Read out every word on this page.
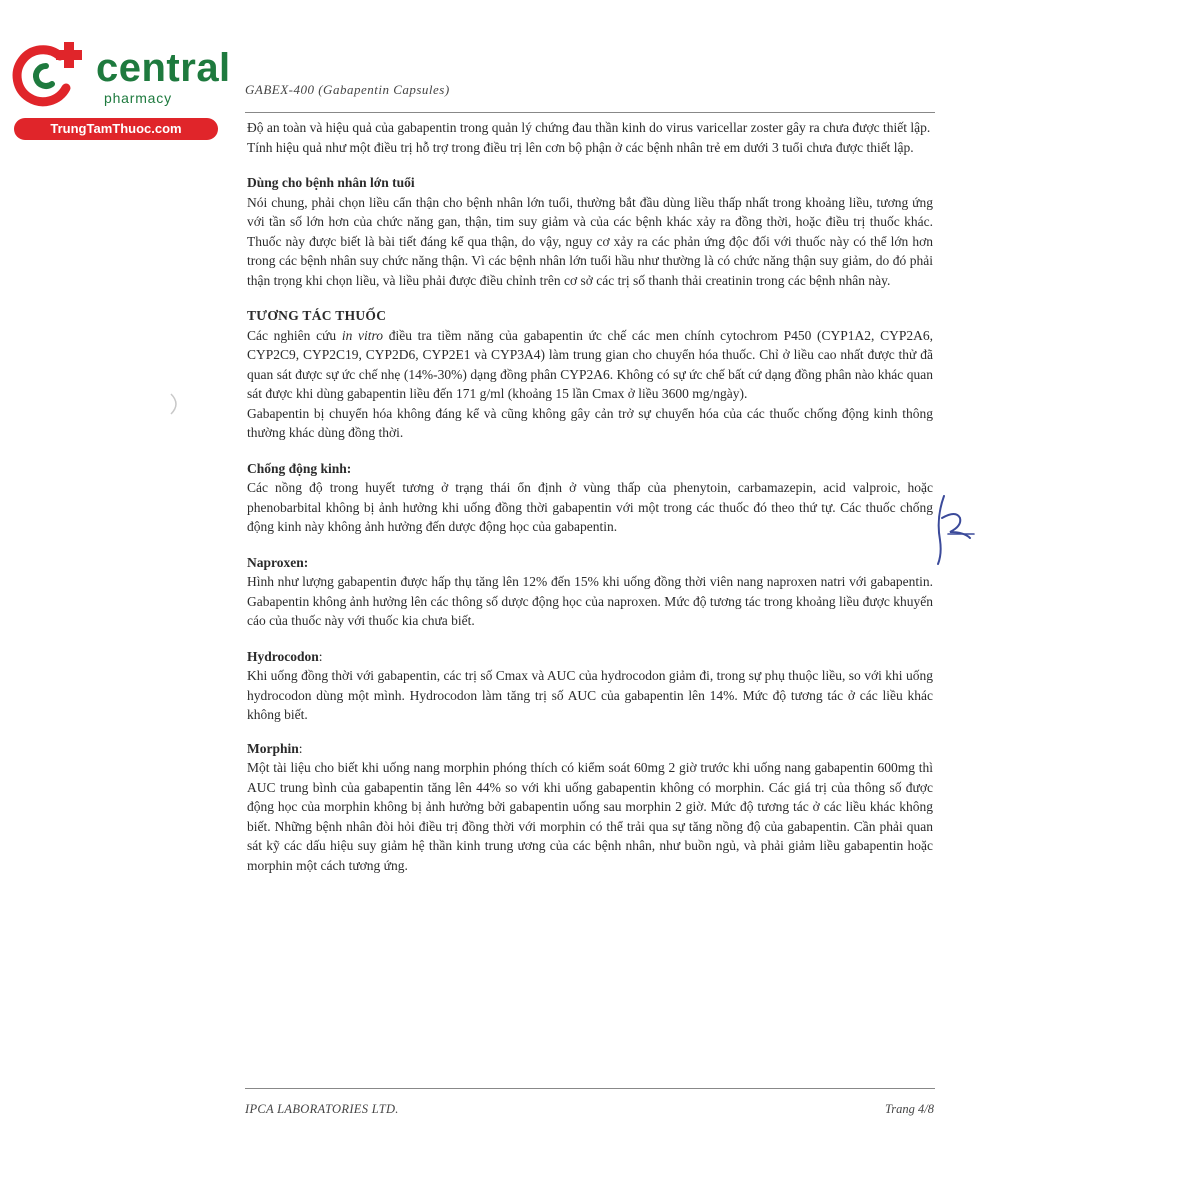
central
pharmacy
TrungTamThuoc.com
GABEX-400 (Gabapentin Capsules)

Độ an toàn và hiệu quả của gabapentin trong quản lý chứng đau thần kinh do virus varicellar zoster gây ra chưa được thiết lập.

Tính hiệu quả như một điều trị hỗ trợ trong điều trị lên cơn bộ phận ở các bệnh nhân trẻ em dưới 3 tuổi chưa được thiết lập.

Dùng cho bệnh nhân lớn tuổi

Nói chung, phải chọn liều cẩn thận cho bệnh nhân lớn tuổi, thường bắt đầu dùng liều thấp nhất trong khoảng liều, tương ứng với tần số lớn hơn của chức năng gan, thận, tim suy giảm và của các bệnh khác xảy ra đồng thời, hoặc điều trị thuốc khác. Thuốc này được biết là bài tiết đáng kể qua thận, do vậy, nguy cơ xảy ra các phản ứng độc đối với thuốc này có thể lớn hơn trong các bệnh nhân suy chức năng thận. Vì các bệnh nhân lớn tuổi hầu như thường là có chức năng thận suy giảm, do đó phải thận trọng khi chọn liều, và liều phải được điều chỉnh trên cơ sở các trị số thanh thải creatinin trong các bệnh nhân này.

TƯƠNG TÁC THUỐC

Các nghiên cứu in vitro điều tra tiềm năng của gabapentin ức chế các men chính cytochrom P450 (CYP1A2, CYP2A6, CYP2C9, CYP2C19, CYP2D6, CYP2E1 và CYP3A4) làm trung gian cho chuyển hóa thuốc. Chỉ ở liều cao nhất được thử đã quan sát được sự ức chế nhẹ (14%-30%) dạng đồng phân CYP2A6. Không có sự ức chế bất cứ dạng đồng phân nào khác quan sát được khi dùng gabapentin liều đến 171 g/ml (khoảng 15 lần Cmax ở liều 3600 mg/ngày).

Gabapentin bị chuyển hóa không đáng kể và cũng không gây cản trở sự chuyển hóa của các thuốc chống động kinh thông thường khác dùng đồng thời.

Chống động kinh:

Các nồng độ trong huyết tương ở trạng thái ổn định ở vùng thấp của phenytoin, carbamazepin, acid valproic, hoặc phenobarbital không bị ảnh hưởng khi uống đồng thời gabapentin với một trong các thuốc đó theo thứ tự. Các thuốc chống động kinh này không ảnh hưởng đến dược động học của gabapentin.

Naproxen:

Hình như lượng gabapentin được hấp thụ tăng lên 12% đến 15% khi uống đồng thời viên nang naproxen natri với gabapentin. Gabapentin không ảnh hưởng lên các thông số dược động học của naproxen. Mức độ tương tác trong khoảng liều được khuyến cáo của thuốc này với thuốc kia chưa biết.

Hydrocodon:

Khi uống đồng thời với gabapentin, các trị số Cmax và AUC của hydrocodon giảm đi, trong sự phụ thuộc liều, so với khi uống hydrocodon dùng một mình. Hydrocodon làm tăng trị số AUC của gabapentin lên 14%. Mức độ tương tác ở các liều khác không biết.

Morphin:

Một tài liệu cho biết khi uống nang morphin phóng thích có kiểm soát 60mg 2 giờ trước khi uống nang gabapentin 600mg thì AUC trung bình của gabapentin tăng lên 44% so với khi uống gabapentin không có morphin. Các giá trị của thông số được động học của morphin không bị ảnh hưởng bởi gabapentin uống sau morphin 2 giờ. Mức độ tương tác ở các liều khác không biết. Những bệnh nhân đòi hỏi điều trị đồng thời với morphin có thể trải qua sự tăng nồng độ của gabapentin. Cần phải quan sát kỹ các dấu hiệu suy giảm hệ thần kinh trung ương của các bệnh nhân, như buồn ngủ, và phải giảm liều gabapentin hoặc morphin một cách tương ứng.

IPCA LABORATORIES LTD.	Trang 4/8
